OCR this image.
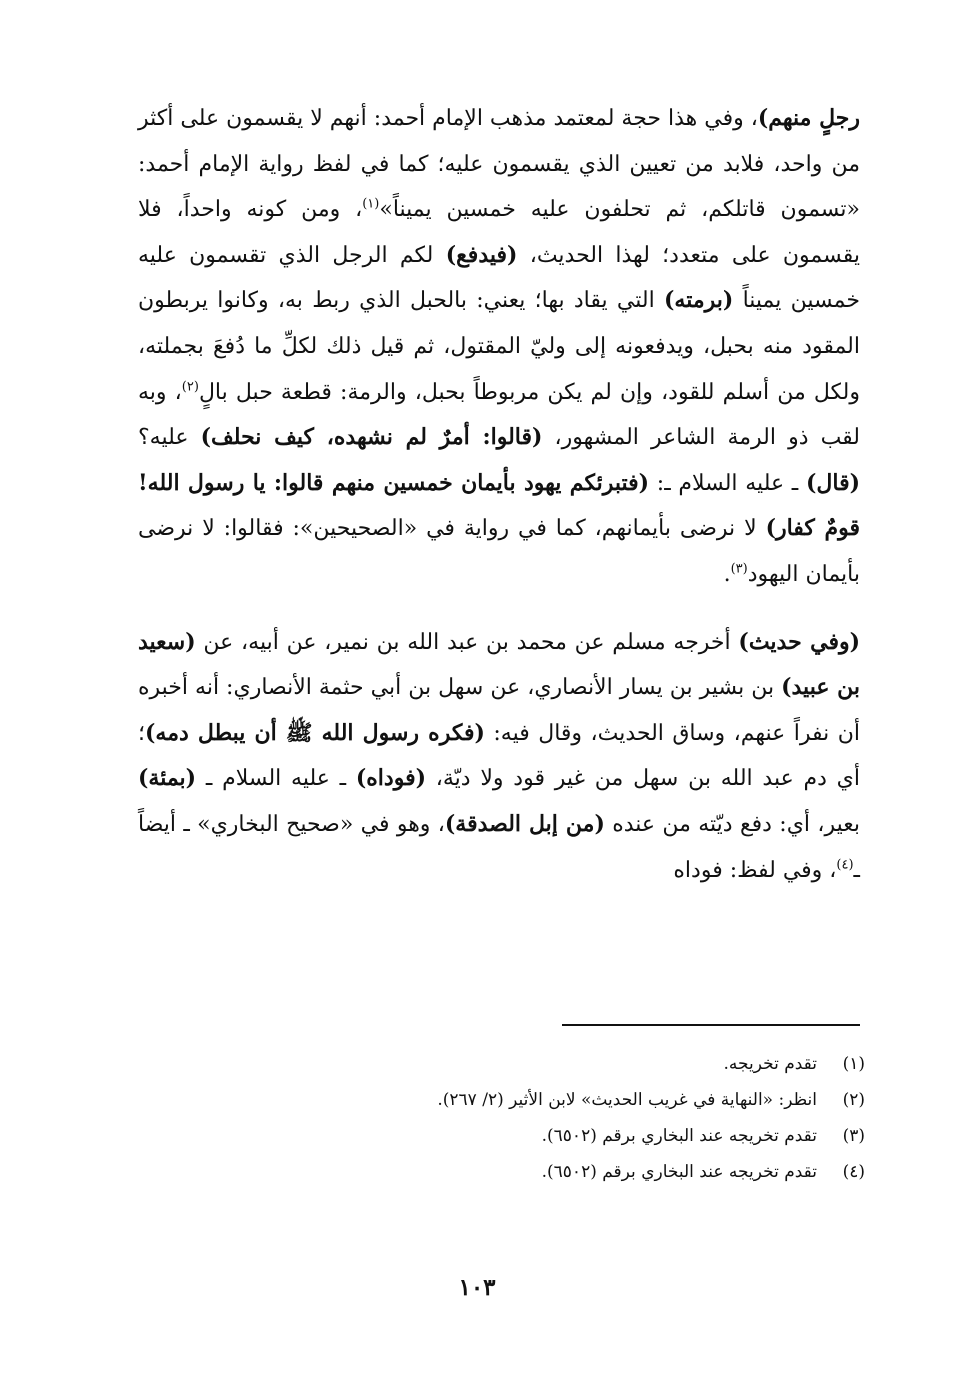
رجلٍ منهم)، وفي هذا حجة لمعتمد مذهب الإمام أحمد: أنهم لا يقسمون على أكثر من واحد، فلابد من تعيين الذي يقسمون عليه؛ كما في لفظ رواية الإمام أحمد: «تسمون قاتلكم، ثم تحلفون عليه خمسين يميناً»$^{(١)}$، ومن كونه واحداً، فلا يقسمون على متعدد؛ لهذا الحديث، (فيدفع) لكم الرجل الذي تقسمون عليه خمسين يميناً (برمته) التي يقاد بها؛ يعني: بالحبل الذي ربط به، وكانوا يربطون المقود منه بحبل، ويدفعونه إلى وليّ المقتول، ثم قيل ذلك لكلِّ ما دُفعَ بجملته، ولكل من أسلم للقود، وإن لم يكن مربوطاً بحبل، والرمة: قطعة حبل بالٍ$^{(٢)}$، وبه لقب ذو الرمة الشاعر المشهور، (قالوا: أمرٌ لم نشهده، كيف نحلف) عليه؟ (قال) ـ عليه السلام ـ: (فتبرئكم يهود بأيمان خمسين منهم قالوا: يا رسول الله! قومٌ كفار) لا نرضى بأيمانهم، كما في رواية في «الصحيحين»: فقالوا: لا نرضى بأيمان اليهود$^{(٣)}$.

(وفي حديث) أخرجه مسلم عن محمد بن عبد الله بن نمير، عن أبيه، عن (سعيد بن عبيد) بن بشير بن يسار الأنصاري، عن سهل بن أبي حثمة الأنصاري: أنه أخبره أن نفراً عنهم، وساق الحديث، وقال فيه: (فكره رسول الله ﷺ أن يبطل دمه)؛ أي دم عبد الله بن سهل من غير قود ولا ديّة، (فوداه) ـ عليه السلام ـ (بمئة) بعير، أي: دفع ديّته من عنده (من إبل الصدقة)، وهو في «صحيح البخاري» ـ أيضاً ـ$^{(٤)}$، وفي لفظ: فوداه

(١)تقدم تخريجه.
(٢)انظر: «النهاية في غريب الحديث» لابن الأثير (٢/ ٢٦٧).
(٣)تقدم تخريجه عند البخاري برقم (٦٥٠٢).
(٤)تقدم تخريجه عند البخاري برقم (٦٥٠٢).
١٠٣
